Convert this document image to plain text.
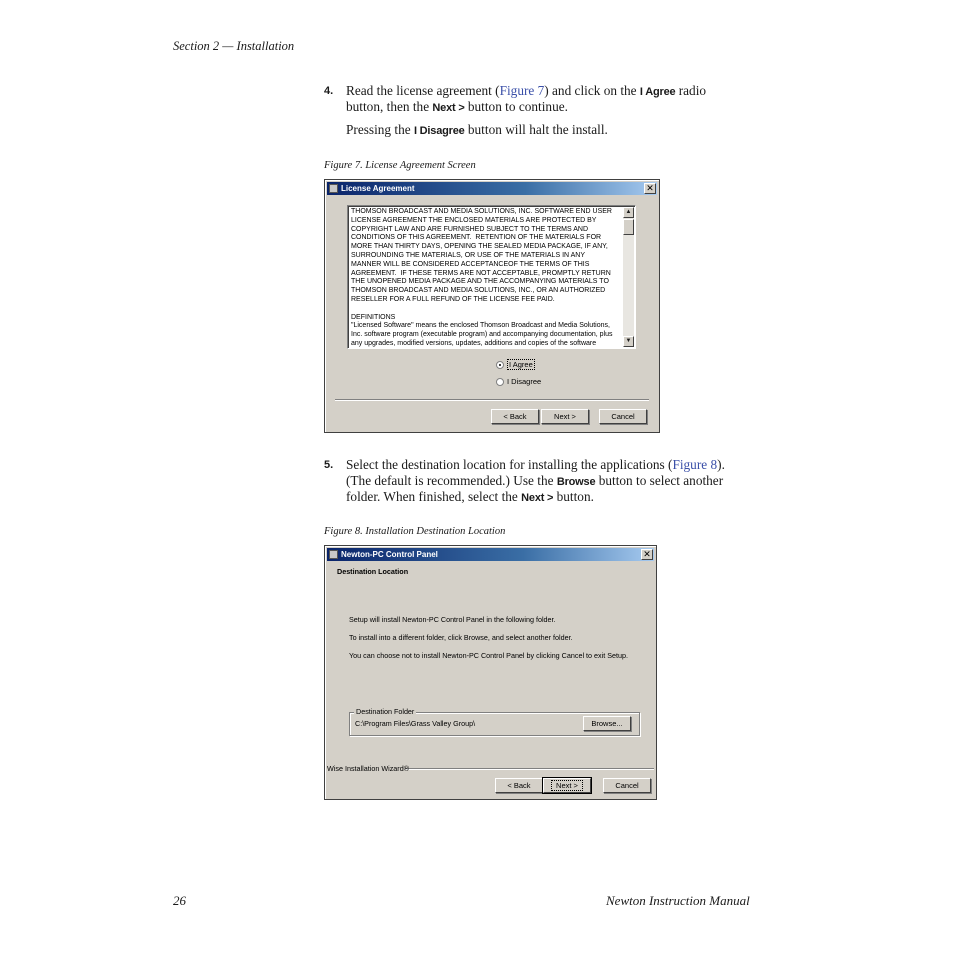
Section 2 — Installation
4. Read the license agreement (Figure 7) and click on the I Agree radio
button, then the Next > button to continue.
Pressing the I Disagree button will halt the install.
Figure 7. License Agreement Screen
License Agreement	✕
THOMSON BROADCAST AND MEDIA SOLUTIONS, INC. SOFTWARE END USER
LICENSE AGREEMENT THE ENCLOSED MATERIALS ARE PROTECTED BY
COPYRIGHT LAW AND ARE FURNISHED SUBJECT TO THE TERMS AND
CONDITIONS OF THIS AGREEMENT.  RETENTION OF THE MATERIALS FOR
MORE THAN THIRTY DAYS, OPENING THE SEALED MEDIA PACKAGE, IF ANY,
SURROUNDING THE MATERIALS, OR USE OF THE MATERIALS IN ANY
MANNER WILL BE CONSIDERED ACCEPTANCEOF THE TERMS OF THIS
AGREEMENT.  IF THESE TERMS ARE NOT ACCEPTABLE, PROMPTLY RETURN
THE UNOPENED MEDIA PACKAGE AND THE ACCOMPANYING MATERIALS TO
THOMSON BROADCAST AND MEDIA SOLUTIONS, INC., OR AN AUTHORIZED
RESELLER FOR A FULL REFUND OF THE LICENSE FEE PAID.

DEFINITIONS
"Licensed Software" means the enclosed Thomson Broadcast and Media Solutions,
Inc. software program (executable program) and accompanying documentation, plus
any upgrades, modified versions, updates, additions and copies of the software
▲
▼
I Agree
I Disagree
< Back	Next >	Cancel
5. Select the destination location for installing the applications (Figure 8).
(The default is recommended.) Use the Browse button to select another
folder. When finished, select the Next > button.
Figure 8. Installation Destination Location
Newton-PC Control Panel	✕
Destination Location
Setup will install Newton-PC Control Panel in the following folder.
To install into a different folder, click Browse, and select another folder.
You can choose not to install Newton-PC Control Panel by clicking Cancel to exit Setup.
Destination Folder
C:\Program Files\Grass Valley Group\	Browse...
Wise Installation Wizard®
< Back	Next >	Cancel
26	Newton Instruction Manual
